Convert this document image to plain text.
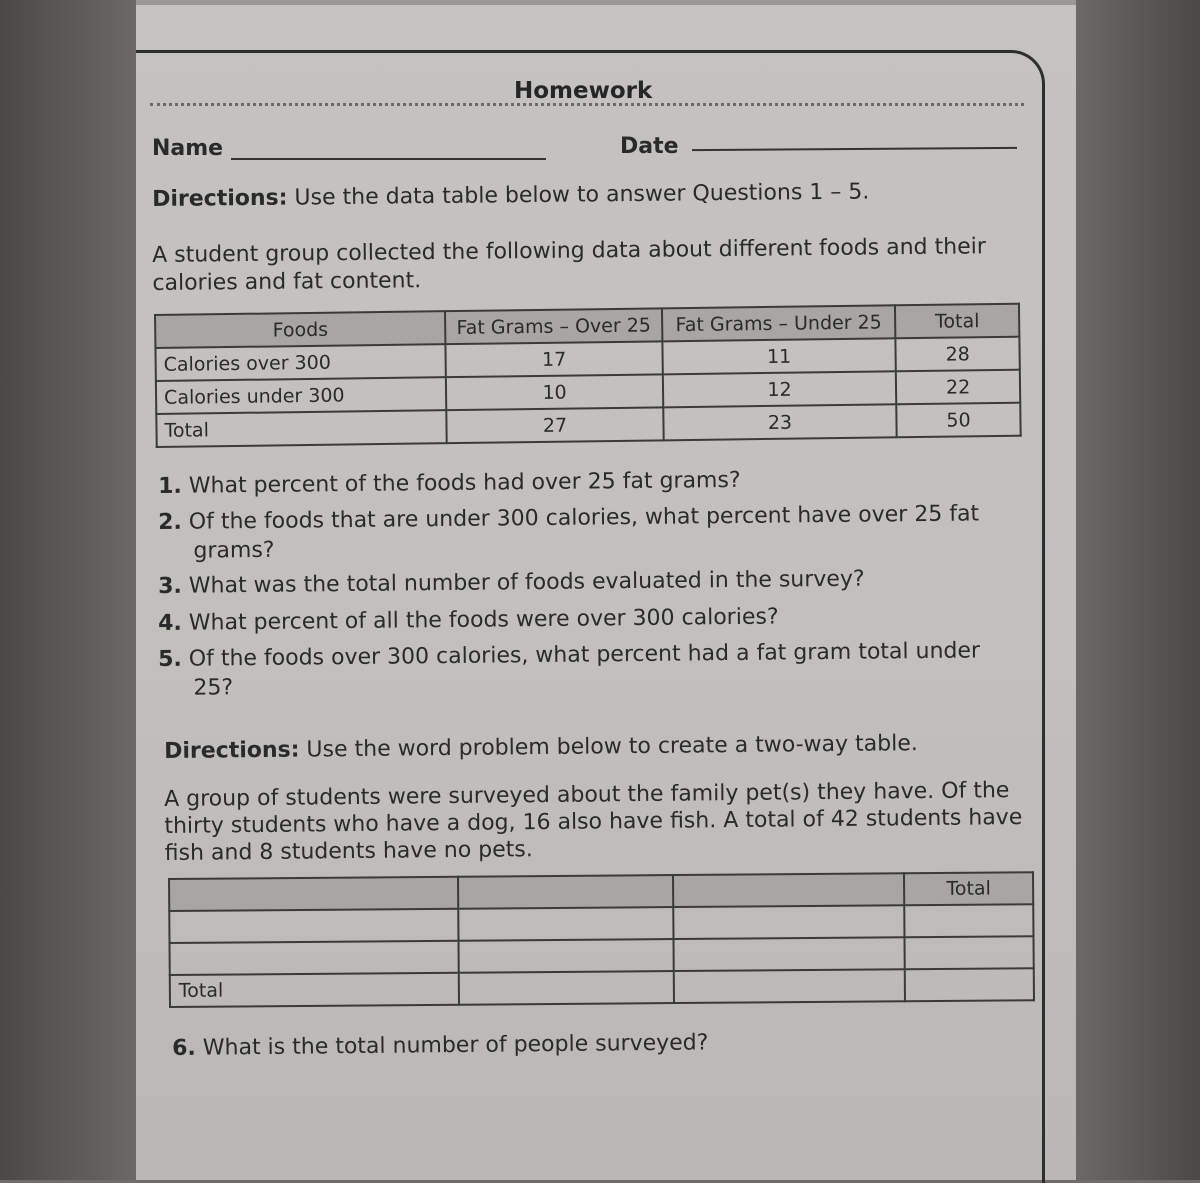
Homework
Name	Date
Directions: Use the data table below to answer Questions 1 – 5.
A student group collected the following data about different foods and their calories and fat content.
Foods	Fat Grams – Over 25	Fat Grams – Under 25	Total
Calories over 300	17	11	28
Calories under 300	10	12	22
Total	27	23	50
1. What percent of the foods had over 25 fat grams?
2. Of the foods that are under 300 calories, what percent have over 25 fat
grams?
3. What was the total number of foods evaluated in the survey?
4. What percent of all the foods were over 300 calories?
5. Of the foods over 300 calories, what percent had a fat gram total under
25?
Directions: Use the word problem below to create a two-way table.
A group of students were surveyed about the family pet(s) they have. Of the thirty students who have a dog, 16 also have fish. A total of 42 students have fish and 8 students have no pets.
			Total

Total			
6. What is the total number of people surveyed?
